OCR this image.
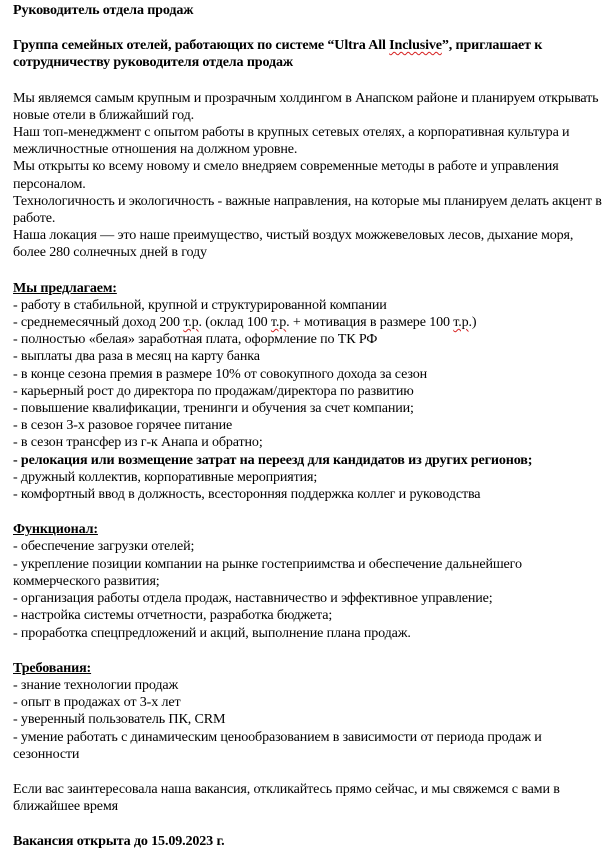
Руководитель отдела продаж

Группа семейных отелей, работающих по системе “Ultra All Inclusive”, приглашает к сотрудничеству руководителя отдела продаж

Мы являемся самым крупным и прозрачным холдингом в Анапском районе и планируем открывать новые отели в ближайший год.

Наш топ-менеджмент с опытом работы в крупных сетевых отелях, а корпоративная культура и межличностные отношения на должном уровне.

Мы открыты ко всему новому и смело внедряем современные методы в работе и управления персоналом.

Технологичность и экологичность - важные направления, на которые мы планируем делать акцент в работе.

Наша локация — это наше преимущество, чистый воздух можжевеловых лесов, дыхание моря, более 280 солнечных дней в году

Мы предлагаем:

- работу в стабильной, крупной и структурированной компании

- среднемесячный доход 200 т.р. (оклад 100 т.р. + мотивация в размере 100 т.р.)

- полностью «белая» заработная плата, оформление по ТК РФ

- выплаты два раза в месяц на карту банка

- в конце сезона премия в размере 10% от совокупного дохода за сезон

- карьерный рост до директора по продажам/директора по развитию

- повышение квалификации, тренинги и обучения за счет компании;

- в сезон 3-х разовое горячее питание

- в сезон трансфер из г-к Анапа и обратно;

- релокация или возмещение затрат на переезд для кандидатов из других регионов;

- дружный коллектив, корпоративные мероприятия;

- комфортный ввод в должность, всесторонняя поддержка коллег и руководства

Функционал:

- обеспечение загрузки отелей;

- укрепление позиции компании на рынке гостеприимства и обеспечение дальнейшего коммерческого развития;

- организация работы отдела продаж, наставничество и эффективное управление;

- настройка системы отчетности, разработка бюджета;

- проработка спецпредложений и акций, выполнение плана продаж.

Требования:

- знание технологии продаж

- опыт в продажах от 3-х лет

- уверенный пользователь ПК, CRM

- умение работать с динамическим ценообразованием в зависимости от периода продаж и сезонности

Если вас заинтересовала наша вакансия, откликайтесь прямо сейчас, и мы свяжемся с вами в ближайшее время

Вакансия открыта до 15.09.2023 г.
